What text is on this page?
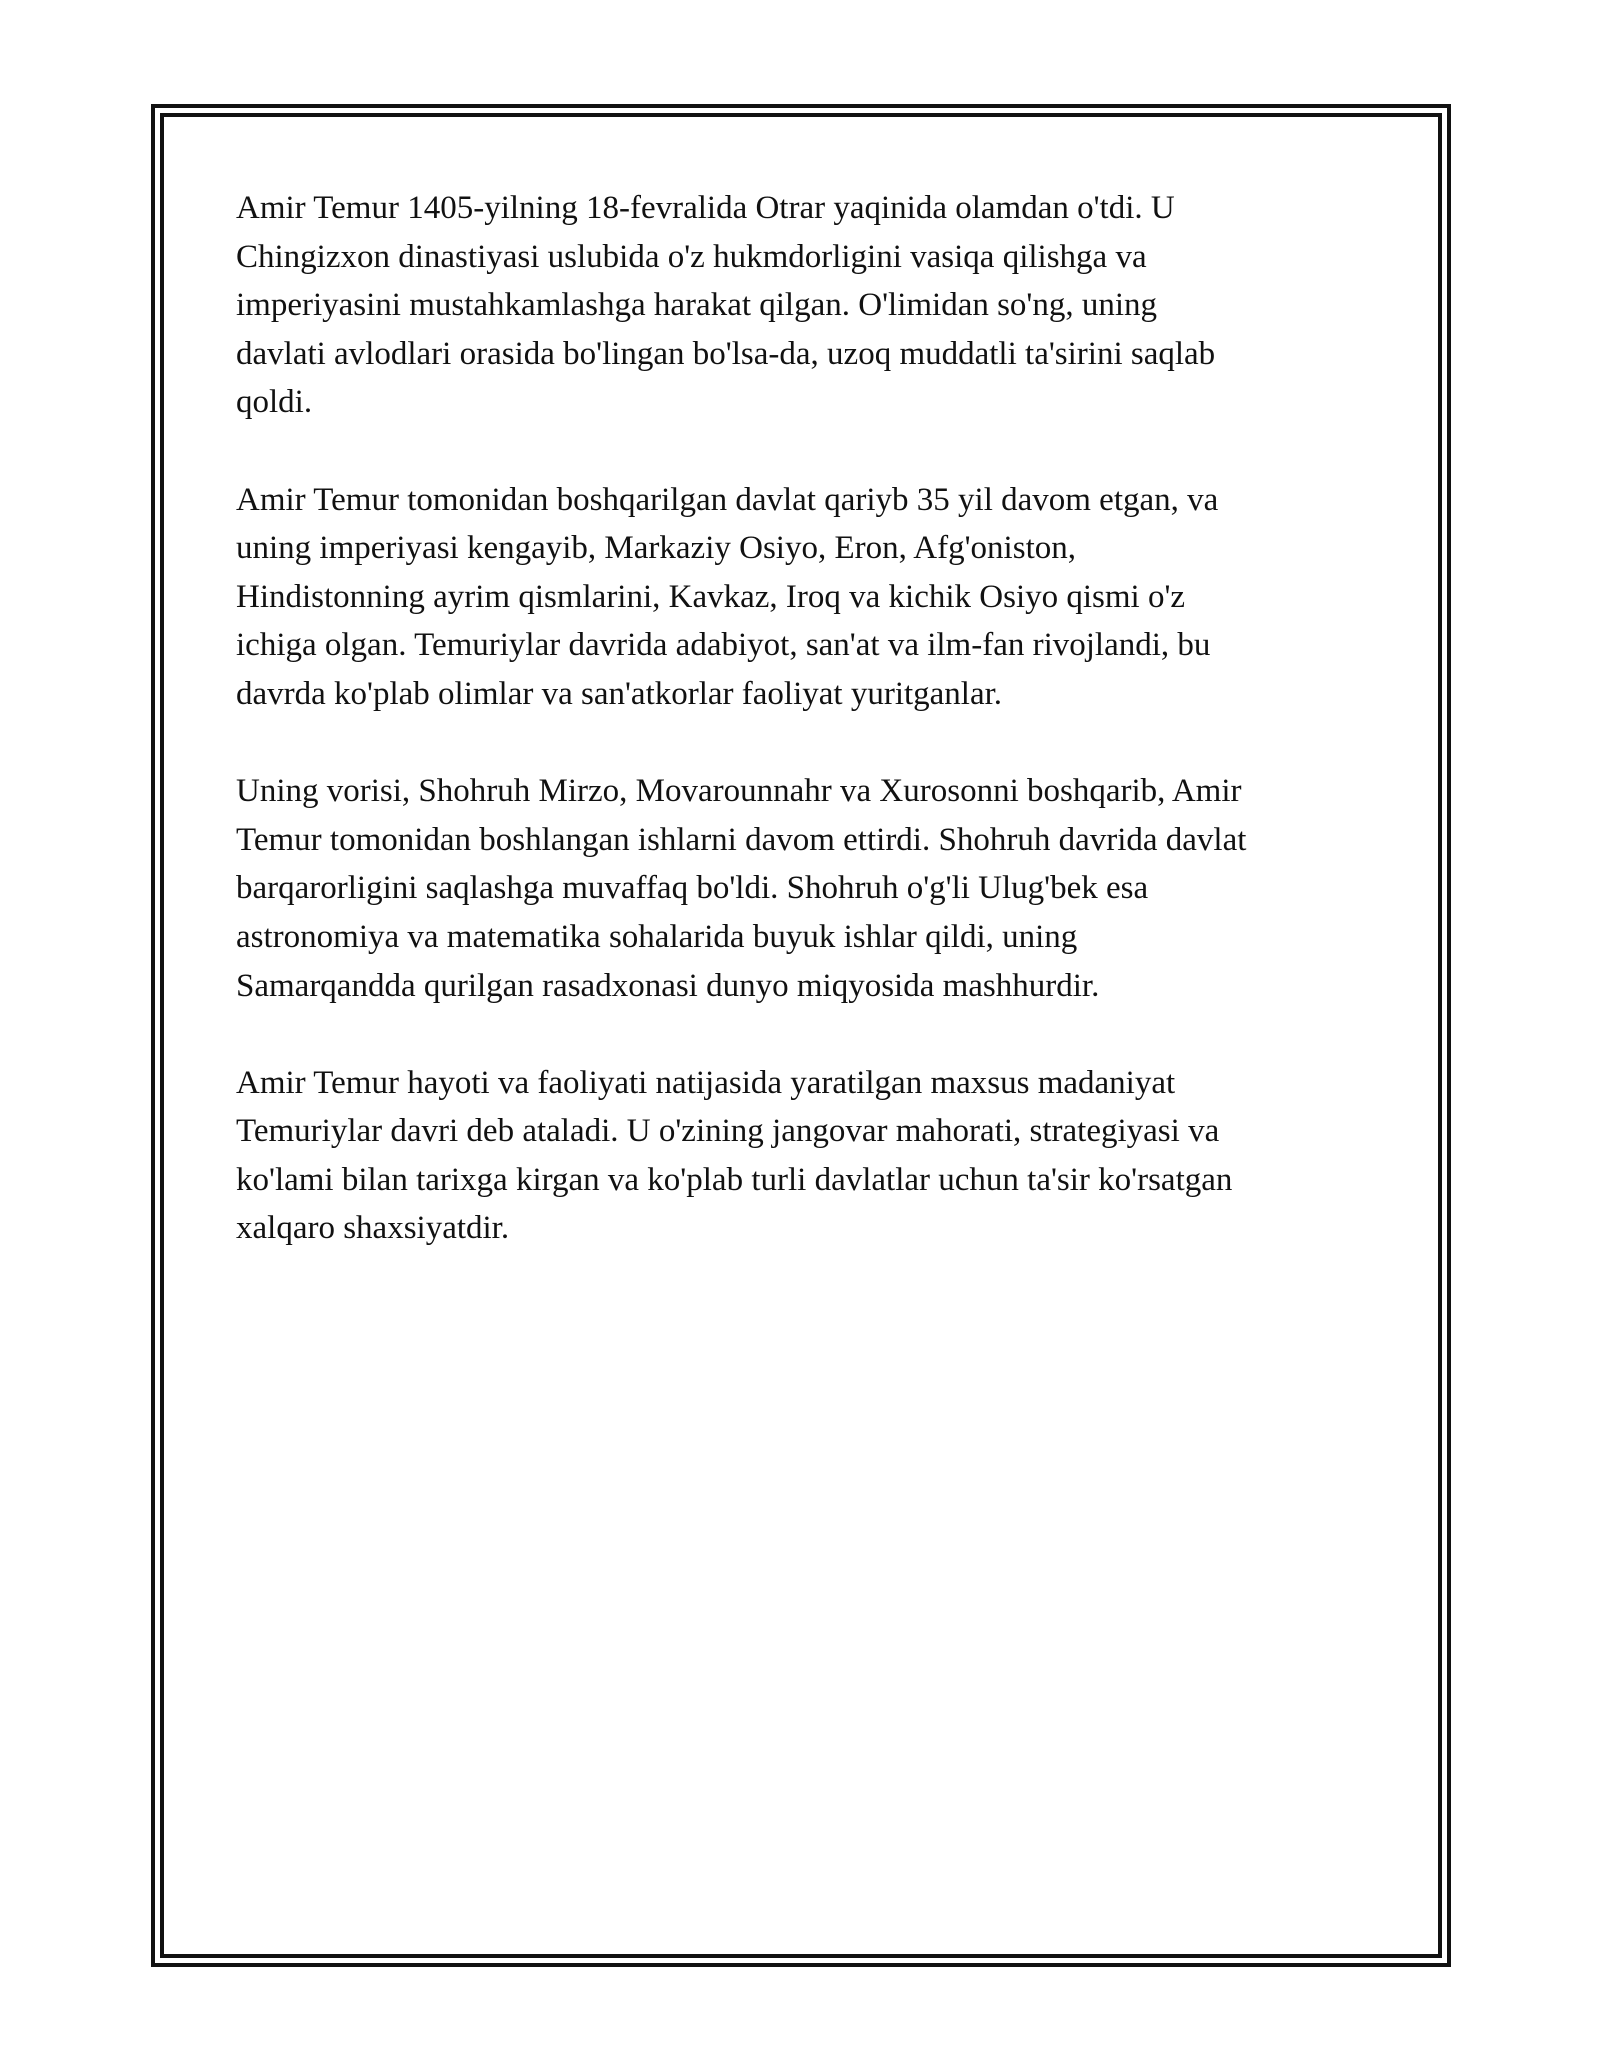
Amir Temur 1405-yilning 18-fevralida Otrar yaqinida olamdan o'tdi. U
Chingizxon dinastiyasi uslubida o'z hukmdorligini vasiqa qilishga va
imperiyasini mustahkamlashga harakat qilgan. O'limidan so'ng, uning
davlati avlodlari orasida bo'lingan bo'lsa-da, uzoq muddatli ta'sirini saqlab
qoldi.

Amir Temur tomonidan boshqarilgan davlat qariyb 35 yil davom etgan, va
uning imperiyasi kengayib, Markaziy Osiyo, Eron, Afg'oniston,
Hindistonning ayrim qismlarini, Kavkaz, Iroq va kichik Osiyo qismi o'z
ichiga olgan. Temuriylar davrida adabiyot, san'at va ilm-fan rivojlandi, bu
davrda ko'plab olimlar va san'atkorlar faoliyat yuritganlar.

Uning vorisi, Shohruh Mirzo, Movarounnahr va Xurosonni boshqarib, Amir
Temur tomonidan boshlangan ishlarni davom ettirdi. Shohruh davrida davlat
barqarorligini saqlashga muvaffaq bo'ldi. Shohruh o'g'li Ulug'bek esa
astronomiya va matematika sohalarida buyuk ishlar qildi, uning
Samarqandda qurilgan rasadxonasi dunyo miqyosida mashhurdir.

Amir Temur hayoti va faoliyati natijasida yaratilgan maxsus madaniyat
Temuriylar davri deb ataladi. U o'zining jangovar mahorati, strategiyasi va
ko'lami bilan tarixga kirgan va ko'plab turli davlatlar uchun ta'sir ko'rsatgan
xalqaro shaxsiyatdir.
